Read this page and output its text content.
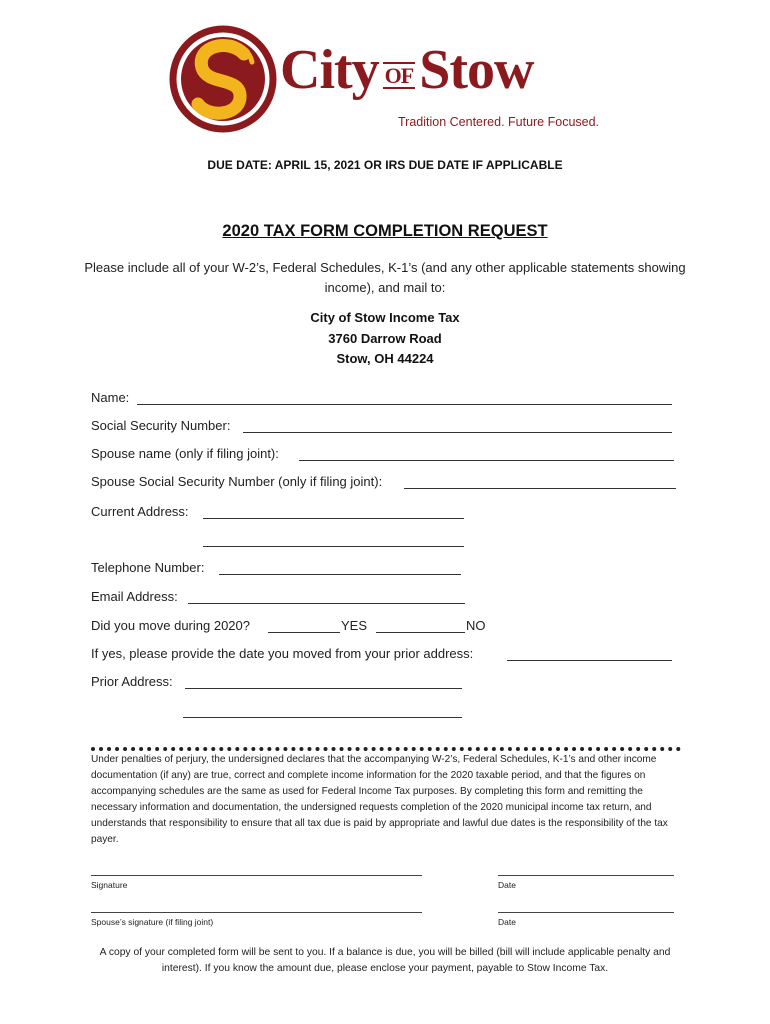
City OF Stow
Tradition Centered. Future Focused.
DUE DATE: APRIL 15, 2021 OR IRS DUE DATE IF APPLICABLE
2020 TAX FORM COMPLETION REQUEST
Please include all of your W-2’s, Federal Schedules, K-1’s (and any other applicable statements showing income), and mail to:
City of Stow Income Tax
3760 Darrow Road
Stow, OH 44224
Name:
Social Security Number:
Spouse name (only if filing joint):
Spouse Social Security Number (only if filing joint):
Current Address:
Telephone Number:
Email Address:
Did you move during 2020?	YES	NO
If yes, please provide the date you moved from your prior address:
Prior Address:
Under penalties of perjury, the undersigned declares that the accompanying W-2’s, Federal Schedules, K-1’s and other income documentation (if any) are true, correct and complete income information for the 2020 taxable period, and that the figures on accompanying schedules are the same as used for Federal Income Tax purposes. By completing this form and remitting the necessary information and documentation, the undersigned requests completion of the 2020 municipal income tax return, and understands that responsibility to ensure that all tax due is paid by appropriate and lawful due dates is the responsibility of the tax payer.
Signature	Date
Spouse’s signature (if filing joint)	Date
A copy of your completed form will be sent to you. If a balance is due, you will be billed (bill will include applicable penalty and interest). If you know the amount due, please enclose your payment, payable to Stow Income Tax.
